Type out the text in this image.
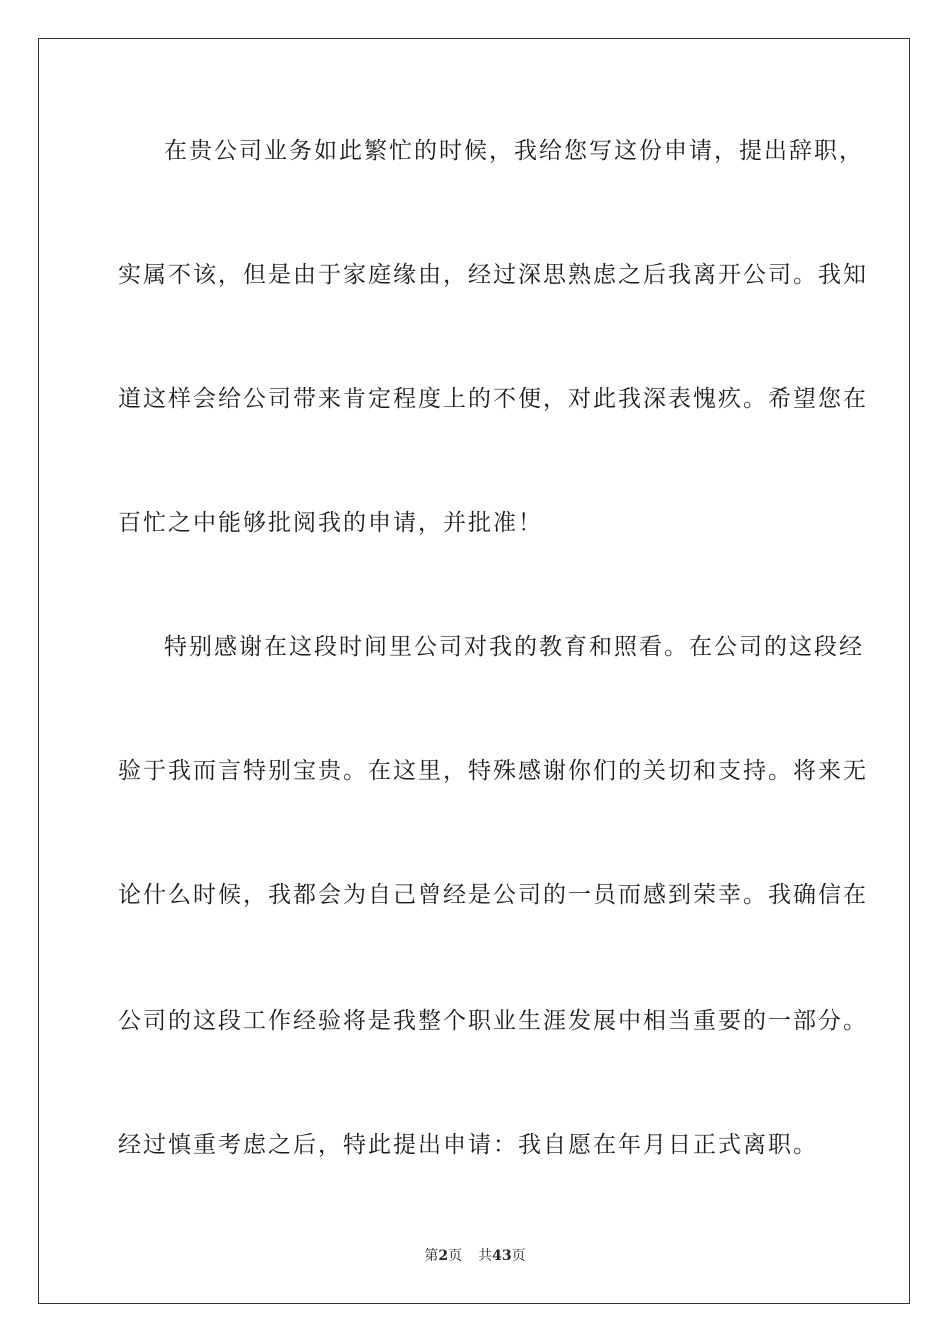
在贵公司业务如此繁忙的时候，我给您写这份申请，提出辞职，
实属不该，但是由于家庭缘由，经过深思熟虑之后我离开公司。我知
道这样会给公司带来肯定程度上的不便，对此我深表愧疚。希望您在
百忙之中能够批阅我的申请，并批准！
特别感谢在这段时间里公司对我的教育和照看。在公司的这段经
验于我而言特别宝贵。在这里，特殊感谢你们的关切和支持。将来无
论什么时候，我都会为自己曾经是公司的一员而感到荣幸。我确信在
公司的这段工作经验将是我整个职业生涯发展中相当重要的一部分。
经过慎重考虑之后，特此提出申请：我自愿在年月日正式离职。
第2页 共43页
